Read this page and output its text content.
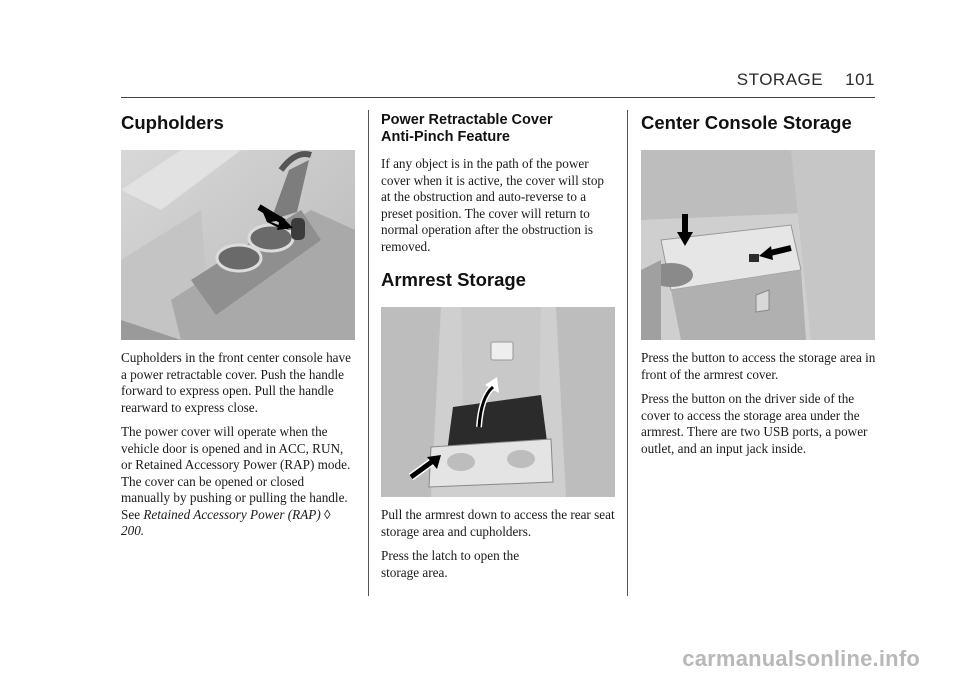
STORAGE 101
Cupholders

Cupholders in the front center console have a power retractable cover. Push the handle forward to express open. Pull the handle rearward to express close.

The power cover will operate when the vehicle door is opened and in ACC, RUN, or Retained Accessory Power (RAP) mode. The cover can be opened or closed manually by pushing or pulling the handle. See Retained Accessory Power (RAP) ◊ 200.

Power Retractable Cover
Anti-Pinch Feature

If any object is in the path of the power cover when it is active, the cover will stop at the obstruction and auto-reverse to a preset position. The cover will return to normal operation after the obstruction is removed.

Armrest Storage

Pull the armrest down to access the rear seat storage area and cupholders.

Press the latch to open the storage area.

Center Console Storage

Press the button to access the storage area in front of the armrest cover.

Press the button on the driver side of the cover to access the storage area under the armrest. There are two USB ports, a power outlet, and an input jack inside.

carmanualsonline.info
